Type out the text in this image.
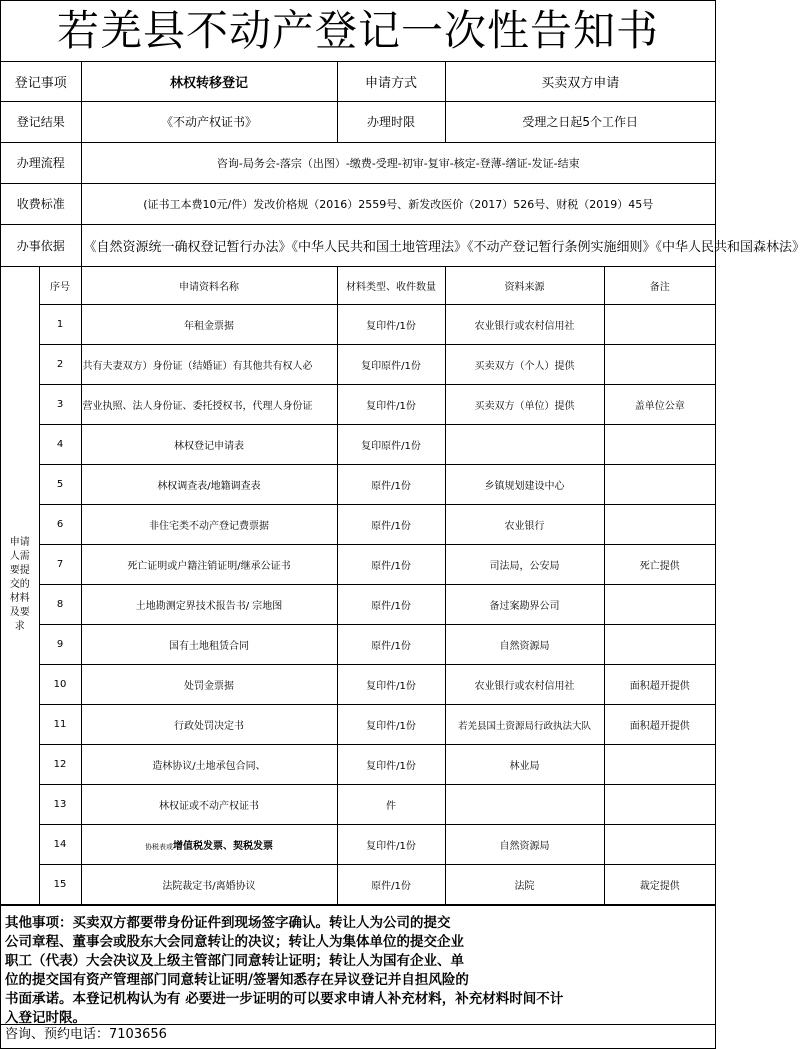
若羌县不动产登记一次性告知书
登记事项	林权转移登记	申请方式	买卖双方申请
登记结果	《不动产权证书》	办理时限	受理之日起5个工作日
办理流程	咨询-局务会-落宗（出图）-缴费-受理-初审-复审-核定-登薄-缮证-发证-结束		
收费标准	(证书工本费10元/件）发改价格规（2016）2559号、新发改医价（2017）526号、财税（2019）45号		
办事依据	《自然资源统一确权登记暂行办法》《中华人民共和国土地管理法》《不动产登记暂行条例实施细则》《中华人民共和国森林法》		
申请人需要提交的材料及要求	序号	申请资料名称	材料类型、收件数量	资料来源	备注
	1	年租金票据	复印件/1份	农业银行或农村信用社	
	2	共有夫妻双方）身份证（结婚证）有其他共有权人必	复印原件/1份	买卖双方（个人）提供	
	3	营业执照、法人身份证、委托授权书，代理人身份证	复印件/1份	买卖双方（单位）提供	盖单位公章
	4	林权登记申请表	复印原件/1份		
	5	林权调查表/地籍调查表	原件/1份	乡镇规划建设中心	
	6	非住宅类不动产登记费票据	原件/1份	农业银行	
	7	死亡证明或户籍注销证明/继承公证书	原件/1份	司法局，公安局	死亡提供
	8	土地勘测定界技术报告书/ 宗地图	原件/1份	备过案勘界公司	
	9	国有土地租赁合同	原件/1份	自然资源局	
	10	处罚金票据	复印件/1份	农业银行或农村信用社	面积超开提供
	11	行政处罚决定书	复印件/1份	若羌县国土资源局行政执法大队	面积超开提供
	12	造林协议/土地承包合同、	复印件/1份	林业局	
	13	林权证或不动产权证书	件		
	14	协税表或增值税发票、契税发票	复印件/1份	自然资源局	
	15	法院裁定书/离婚协议	原件/1份	法院	裁定提供
其他事项：买卖双方都要带身份证件到现场签字确认。转让人为公司的提交
公司章程、董事会或股东大会同意转让的决议；转让人为集体单位的提交企业
职工（代表）大会决议及上级主管部门同意转让证明；转让人为国有企业、单
位的提交国有资产管理部门同意转让证明/签署知悉存在异议登记并自担风险的
书面承诺。本登记机构认为有 必要进一步证明的可以要求申请人补充材料，补充材料时间不计
入登记时限。
咨询、预约电话：7103656
